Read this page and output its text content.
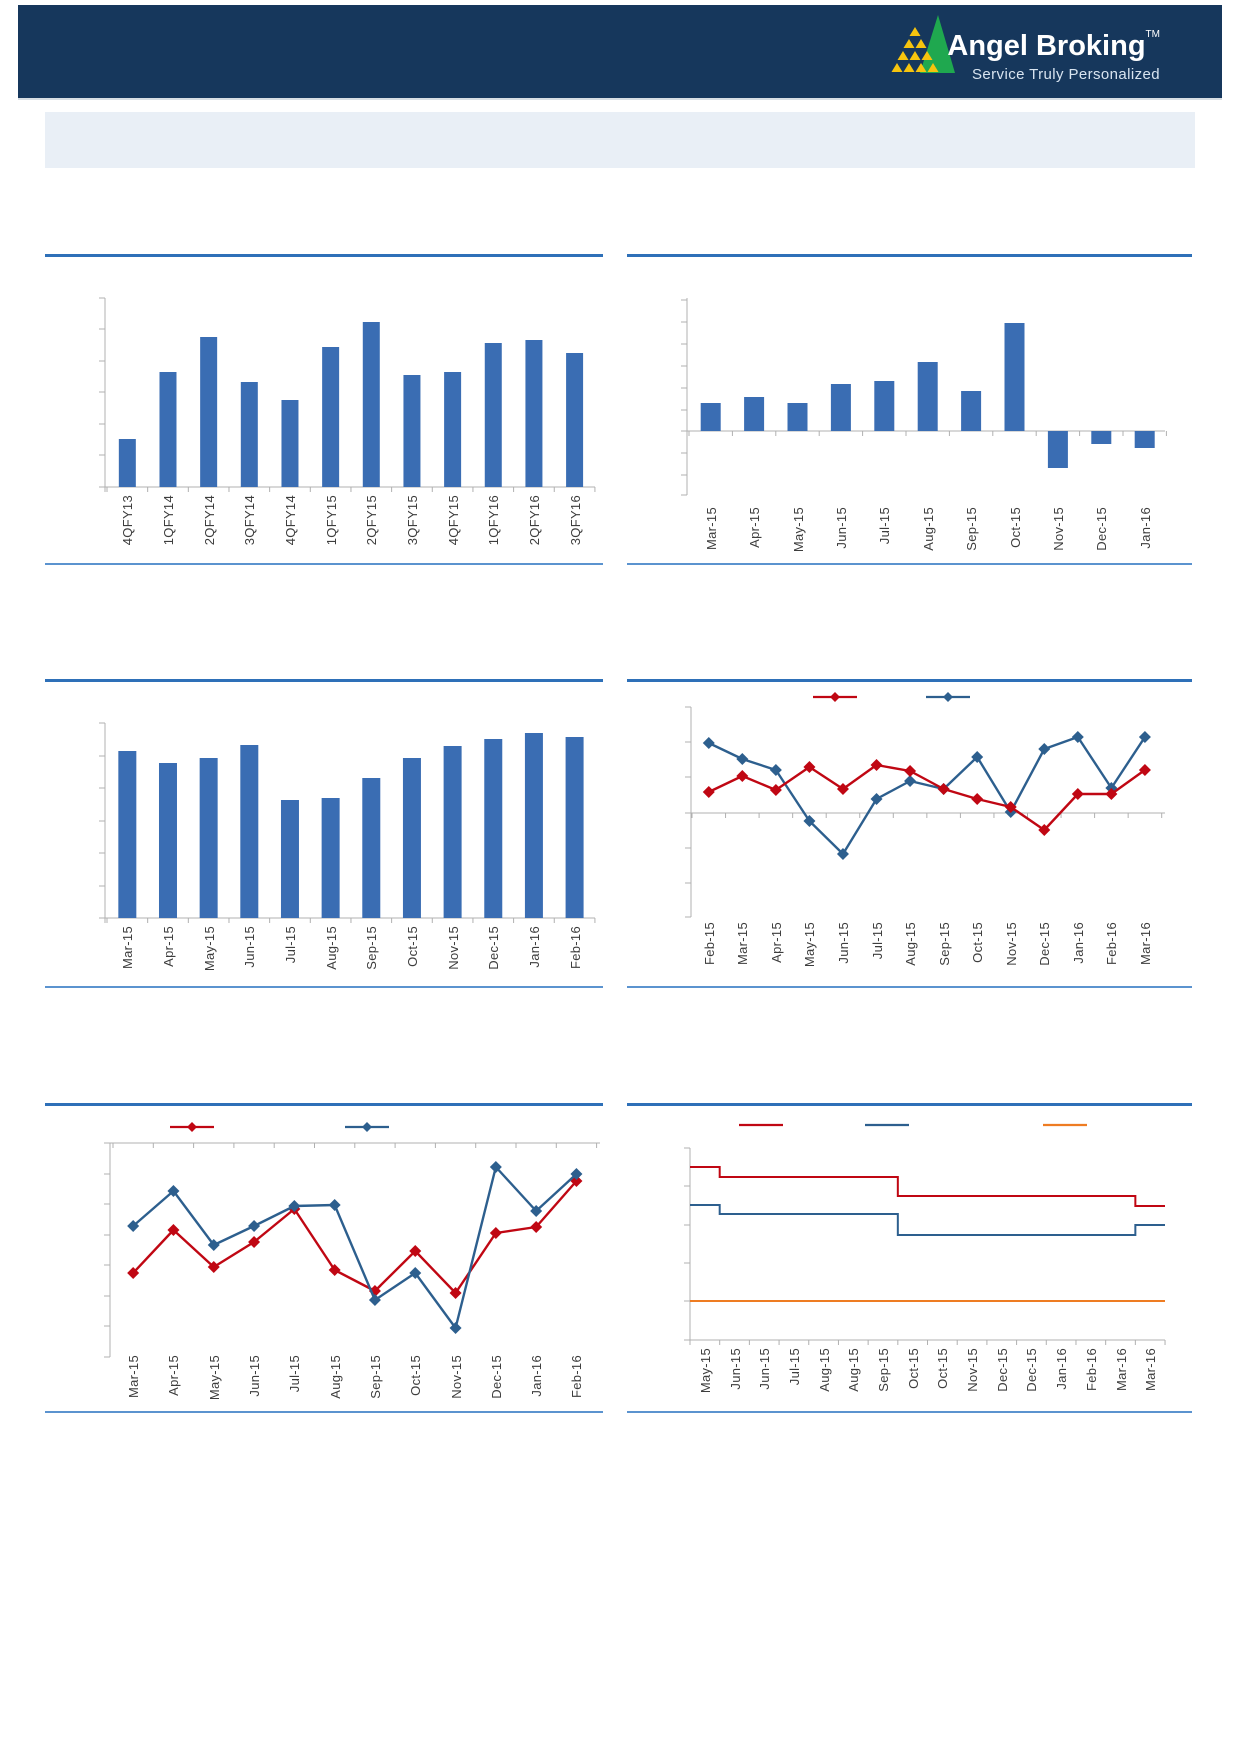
Angel Broking™
Service Truly Personalized
4QFY13 1QFY14 2QFY14 3QFY14 4QFY14 1QFY15 2QFY15 3QFY15 4QFY15 1QFY16 2QFY16 3QFY16
Mar-15 Apr-15 May-15 Jun-15 Jul-15 Aug-15 Sep-15 Oct-15 Nov-15 Dec-15 Jan-16 Feb-16
Mar-15 Apr-15 May-15 Jun-15 Jul-15 Aug-15 Sep-15 Oct-15 Nov-15 Dec-15 Jan-16
Feb-15 Mar-15 Apr-15 May-15 Jun-15 Jul-15 Aug-15 Sep-15 Oct-15 Nov-15 Dec-15 Jan-16 Feb-16 Mar-16
Mar-15 Apr-15 May-15 Jun-15 Jul-15 Aug-15 Sep-15 Oct-15 Nov-15 Dec-15 Jan-16 Feb-16	May-15 Jun-15 Jun-15 Jul-15 Aug-15 Aug-15 Sep-15 Oct-15 Oct-15 Nov-15 Dec-15 Dec-15 Jan-16 Feb-16 Mar-16 Mar-16
